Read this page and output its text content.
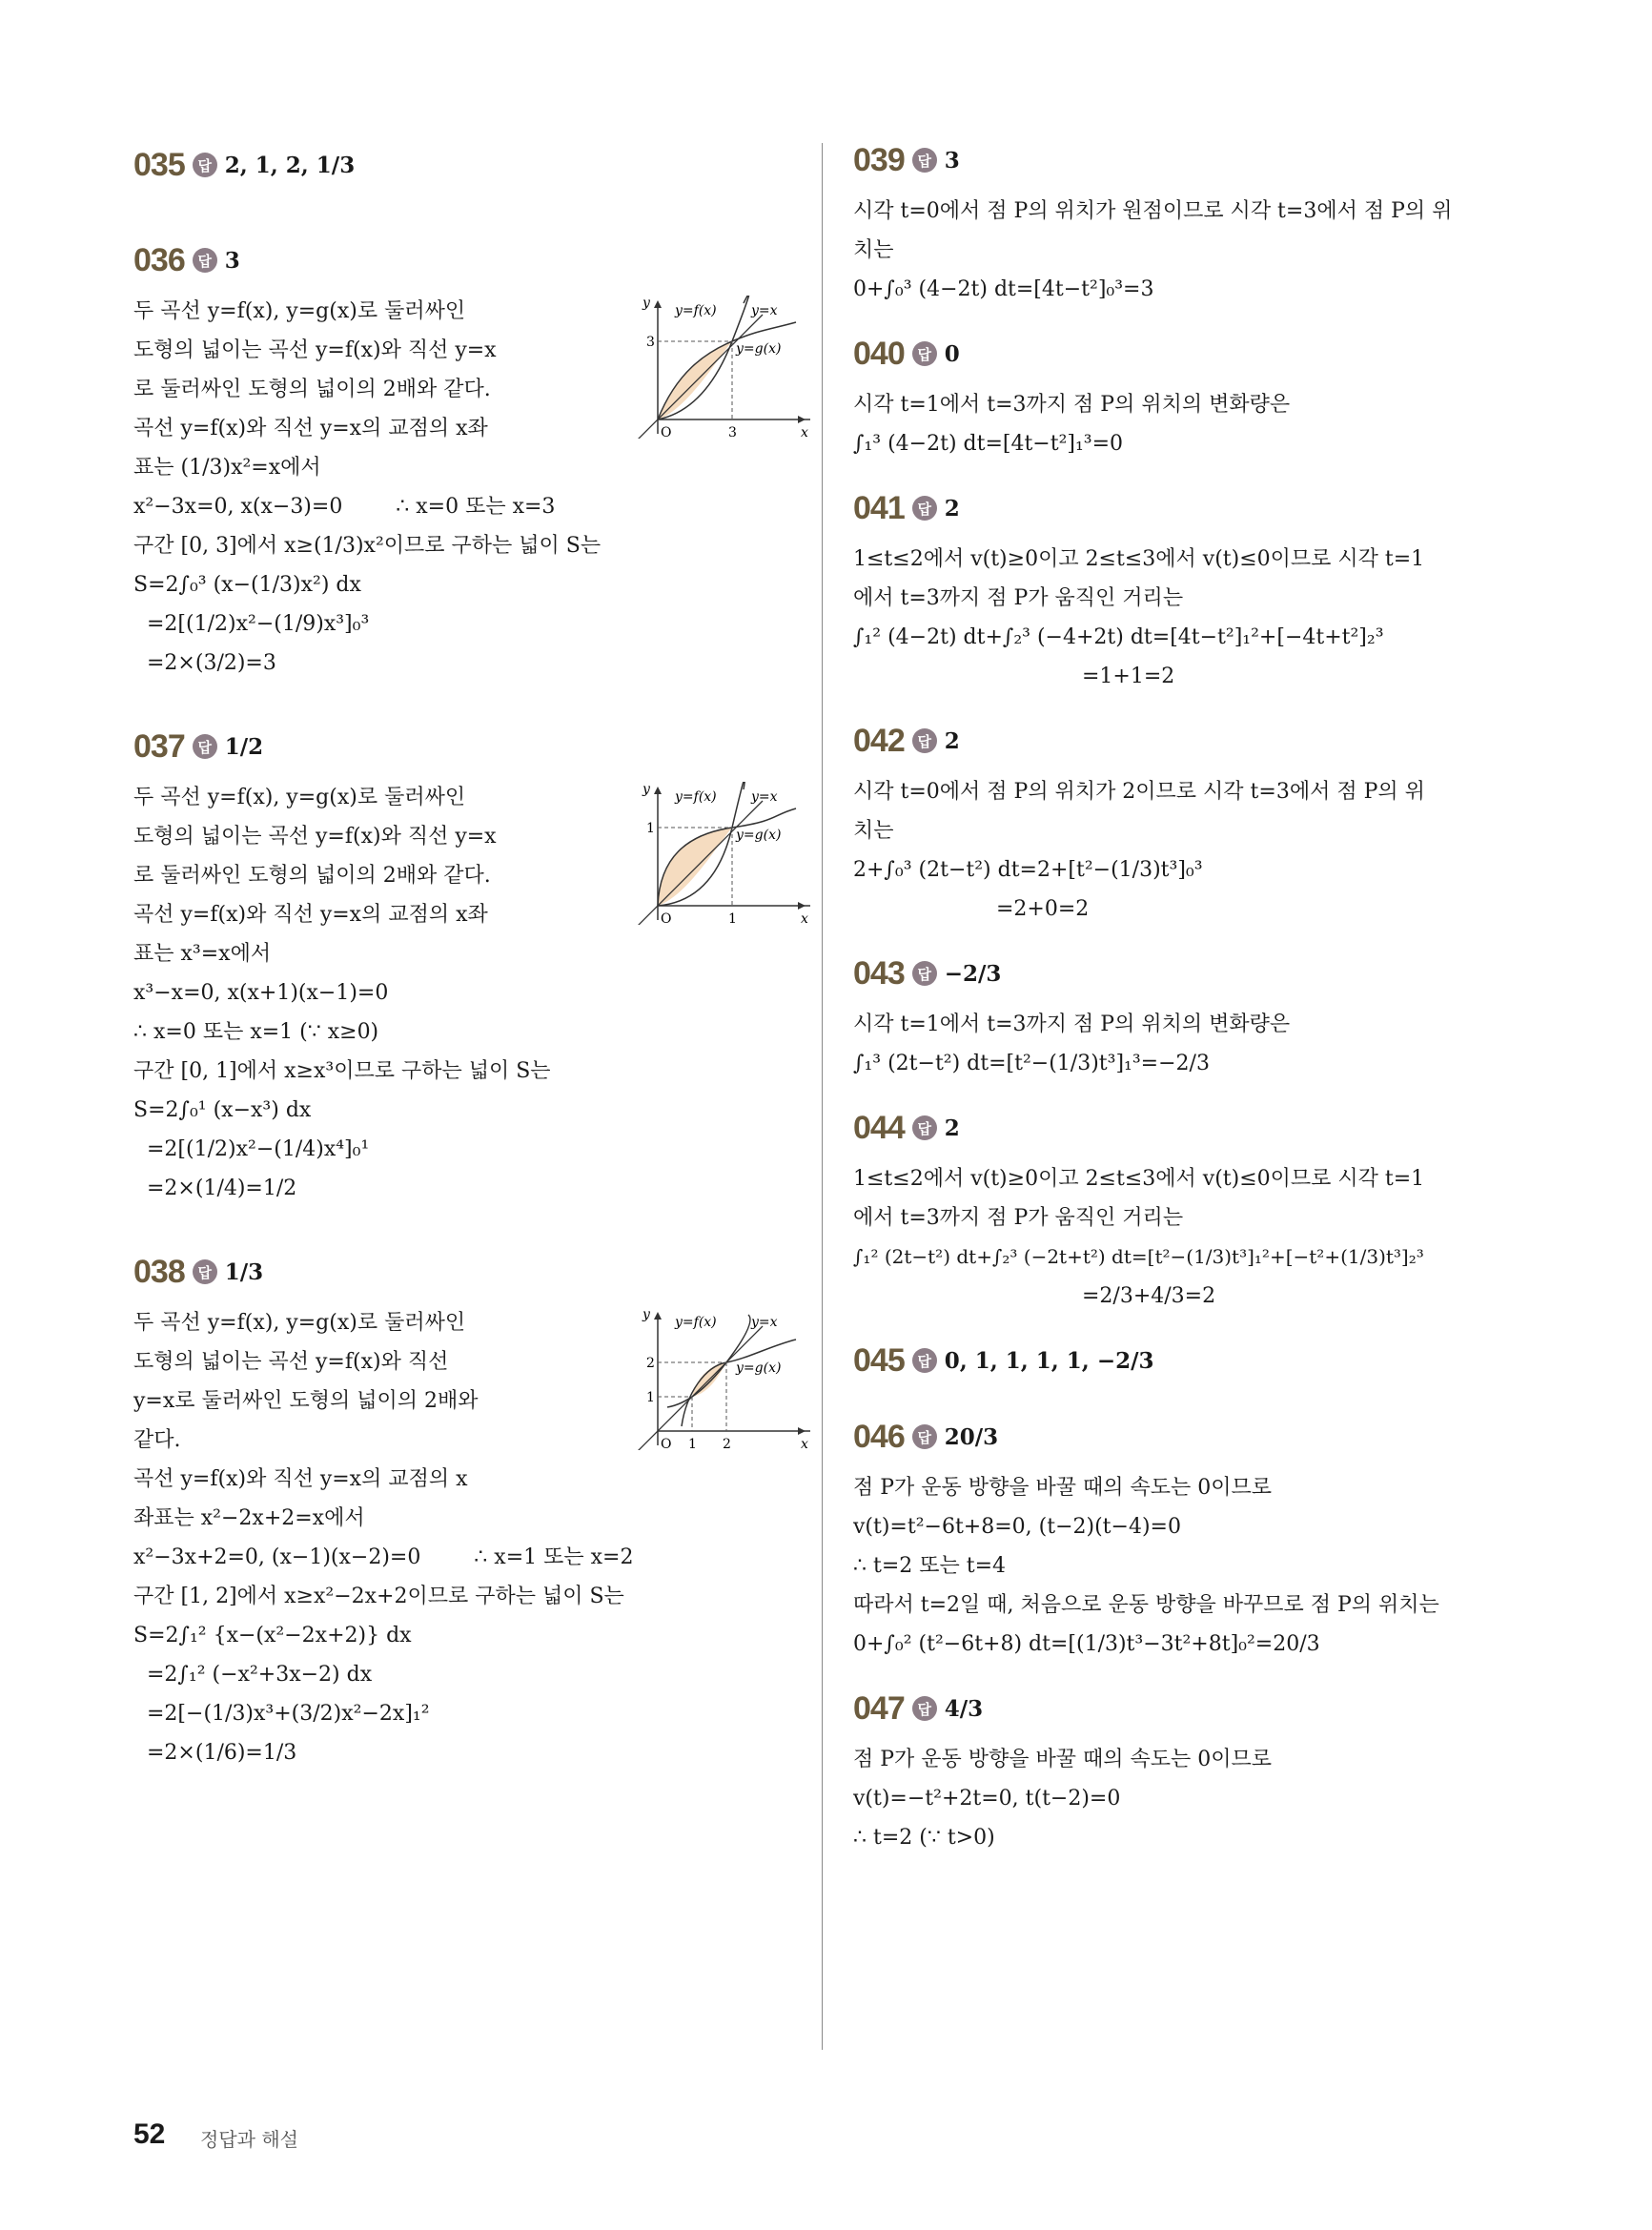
035 답 2, 1, 2, 1/3
036 답 3
y
x
O
3
3
y=f(x)	y=x
y=g(x)
두 곡선 y=f(x), y=g(x)로 둘러싸인
도형의 넓이는 곡선 y=f(x)와 직선 y=x
로 둘러싸인 도형의 넓이의 2배와 같다.
곡선 y=f(x)와 직선 y=x의 교점의 x좌
표는 (1/3)x²=x에서
x²−3x=0, x(x−3)=0        ∴ x=0 또는 x=3
구간 [0, 3]에서 x≥(1/3)x²이므로 구하는 넓이 S는
S=2∫₀³ (x−(1/3)x²) dx
=2[(1/2)x²−(1/9)x³]₀³
=2×(3/2)=3
037 답 1/2
y
x
O
1
1
y=f(x)	y=x
y=g(x)
두 곡선 y=f(x), y=g(x)로 둘러싸인
도형의 넓이는 곡선 y=f(x)와 직선 y=x
로 둘러싸인 도형의 넓이의 2배와 같다.
곡선 y=f(x)와 직선 y=x의 교점의 x좌
표는 x³=x에서
x³−x=0, x(x+1)(x−1)=0
∴ x=0 또는 x=1 (∵ x≥0)
구간 [0, 1]에서 x≥x³이므로 구하는 넓이 S는
S=2∫₀¹ (x−x³) dx
=2[(1/2)x²−(1/4)x⁴]₀¹
=2×(1/4)=1/2
038 답 1/3
y
x
O
2
1
2
1
y=f(x)	y=x
y=g(x)
두 곡선 y=f(x), y=g(x)로 둘러싸인
도형의 넓이는 곡선 y=f(x)와 직선
y=x로 둘러싸인 도형의 넓이의 2배와
같다.
곡선 y=f(x)와 직선 y=x의 교점의 x
좌표는 x²−2x+2=x에서
x²−3x+2=0, (x−1)(x−2)=0        ∴ x=1 또는 x=2
구간 [1, 2]에서 x≥x²−2x+2이므로 구하는 넓이 S는
S=2∫₁² {x−(x²−2x+2)} dx
=2∫₁² (−x²+3x−2) dx
=2[−(1/3)x³+(3/2)x²−2x]₁²
=2×(1/6)=1/3
039 답 3
시각 t=0에서 점 P의 위치가 원점이므로 시각 t=3에서 점 P의 위
치는
0+∫₀³ (4−2t) dt=[4t−t²]₀³=3
040 답 0
시각 t=1에서 t=3까지 점 P의 위치의 변화량은
∫₁³ (4−2t) dt=[4t−t²]₁³=0
041 답 2
1≤t≤2에서 v(t)≥0이고 2≤t≤3에서 v(t)≤0이므로 시각 t=1
에서 t=3까지 점 P가 움직인 거리는
∫₁² (4−2t) dt+∫₂³ (−4+2t) dt=[4t−t²]₁²+[−4t+t²]₂³
=1+1=2
042 답 2
시각 t=0에서 점 P의 위치가 2이므로 시각 t=3에서 점 P의 위
치는
2+∫₀³ (2t−t²) dt=2+[t²−(1/3)t³]₀³
=2+0=2
043 답 −2/3
시각 t=1에서 t=3까지 점 P의 위치의 변화량은
∫₁³ (2t−t²) dt=[t²−(1/3)t³]₁³=−2/3
044 답 2
1≤t≤2에서 v(t)≥0이고 2≤t≤3에서 v(t)≤0이므로 시각 t=1
에서 t=3까지 점 P가 움직인 거리는
∫₁² (2t−t²) dt+∫₂³ (−2t+t²) dt=[t²−(1/3)t³]₁²+[−t²+(1/3)t³]₂³
=2/3+4/3=2
045 답 0, 1, 1, 1, 1, −2/3
046 답 20/3
점 P가 운동 방향을 바꿀 때의 속도는 0이므로
v(t)=t²−6t+8=0, (t−2)(t−4)=0
∴ t=2 또는 t=4
따라서 t=2일 때, 처음으로 운동 방향을 바꾸므로 점 P의 위치는
0+∫₀² (t²−6t+8) dt=[(1/3)t³−3t²+8t]₀²=20/3
047 답 4/3
점 P가 운동 방향을 바꿀 때의 속도는 0이므로
v(t)=−t²+2t=0, t(t−2)=0
∴ t=2 (∵ t>0)
52 정답과 해설
